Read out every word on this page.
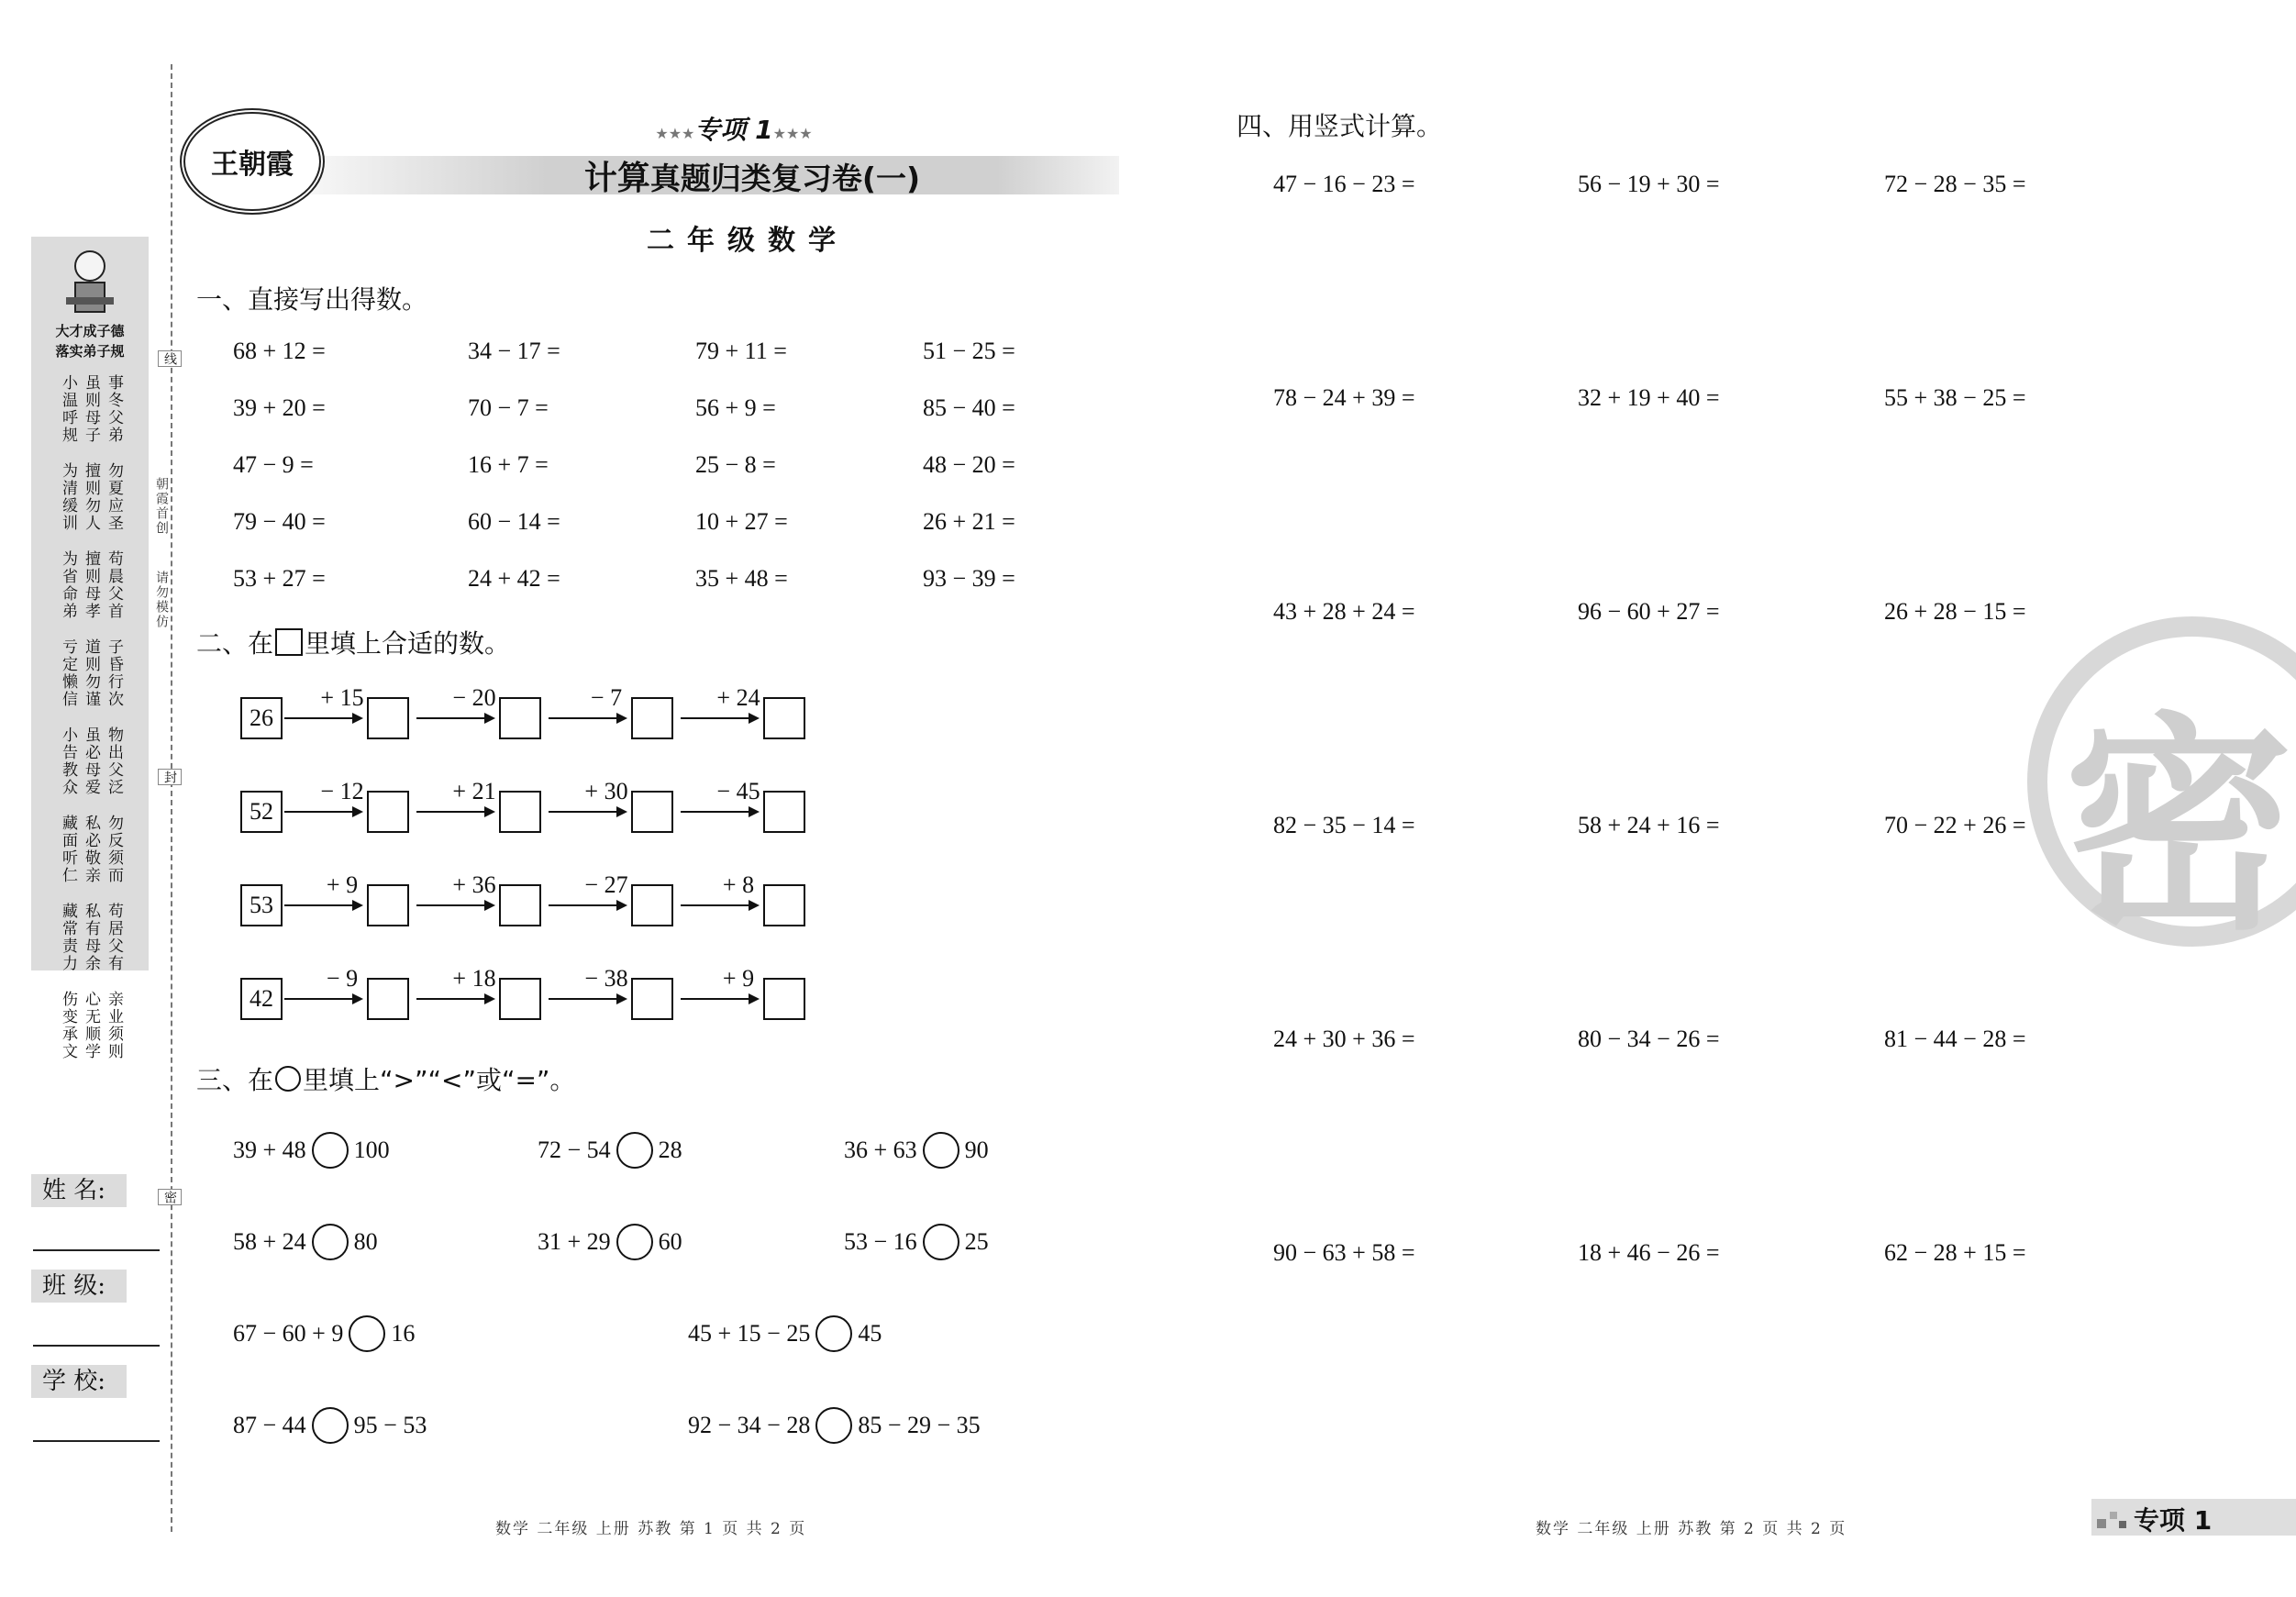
大才成子德
落实弟子规
事冬父弟
虽则母子
小温呼规
勿夏应圣
擅则勿人
为清缓训
苟晨父首
擅则母孝
为省命弟
子昏行次
道则勿谨
亏定懒信
物出父泛
虽必母爱
小告教众
勿反须而
私必敬亲
藏面听仁
苟居父有
私有母余
藏常责力
亲业须则
心无顺学
伤变承文
线
封
密
朝霞首创
请勿模仿
姓 名:
班 级:
学 校:
王朝霞
★★★专项 1★★★
计算真题归类复习卷(一)
二年级数学
一、直接写出得数。
68 + 12 =	34 − 17 =	79 + 11 =	51 − 25 =
39 + 20 =	70 − 7 =	56 + 9 =	85 − 40 =
47 − 9 =	16 + 7 =	25 − 8 =	48 − 20 =
79 − 40 =	60 − 14 =	10 + 27 =	26 + 21 =
53 + 27 =	24 + 42 =	35 + 48 =	93 − 39 =
二、在 里填上合适的数。
26
+ 15	− 20	− 7	+ 24
52
− 12	+ 21	+ 30	− 45
53
+ 9	+ 36	− 27	+ 8
42
− 9	+ 18	− 38	+ 9
三、在 里填上“>”“<”或“=”。
39 + 48 100	72 − 54 28	36 + 63 90
58 + 24 80	31 + 29 60	53 − 16 25
67 − 60 + 9 16	45 + 15 − 25 45
87 − 44 95 − 53	92 − 34 − 28 85 − 29 − 35
密
四、用竖式计算。
47 − 16 − 23 =	56 − 19 + 30 =	72 − 28 − 35 =
78 − 24 + 39 =	32 + 19 + 40 =	55 + 38 − 25 =
43 + 28 + 24 =	96 − 60 + 27 =	26 + 28 − 15 =
82 − 35 − 14 =	58 + 24 + 16 =	70 − 22 + 26 =
24 + 30 + 36 =	80 − 34 − 26 =	81 − 44 − 28 =
90 − 63 + 58 =	18 + 46 − 26 =	62 − 28 + 15 =
数学 二年级 上册 苏教 第 1 页 共 2 页	数学 二年级 上册 苏教 第 2 页 共 2 页	专项 1
